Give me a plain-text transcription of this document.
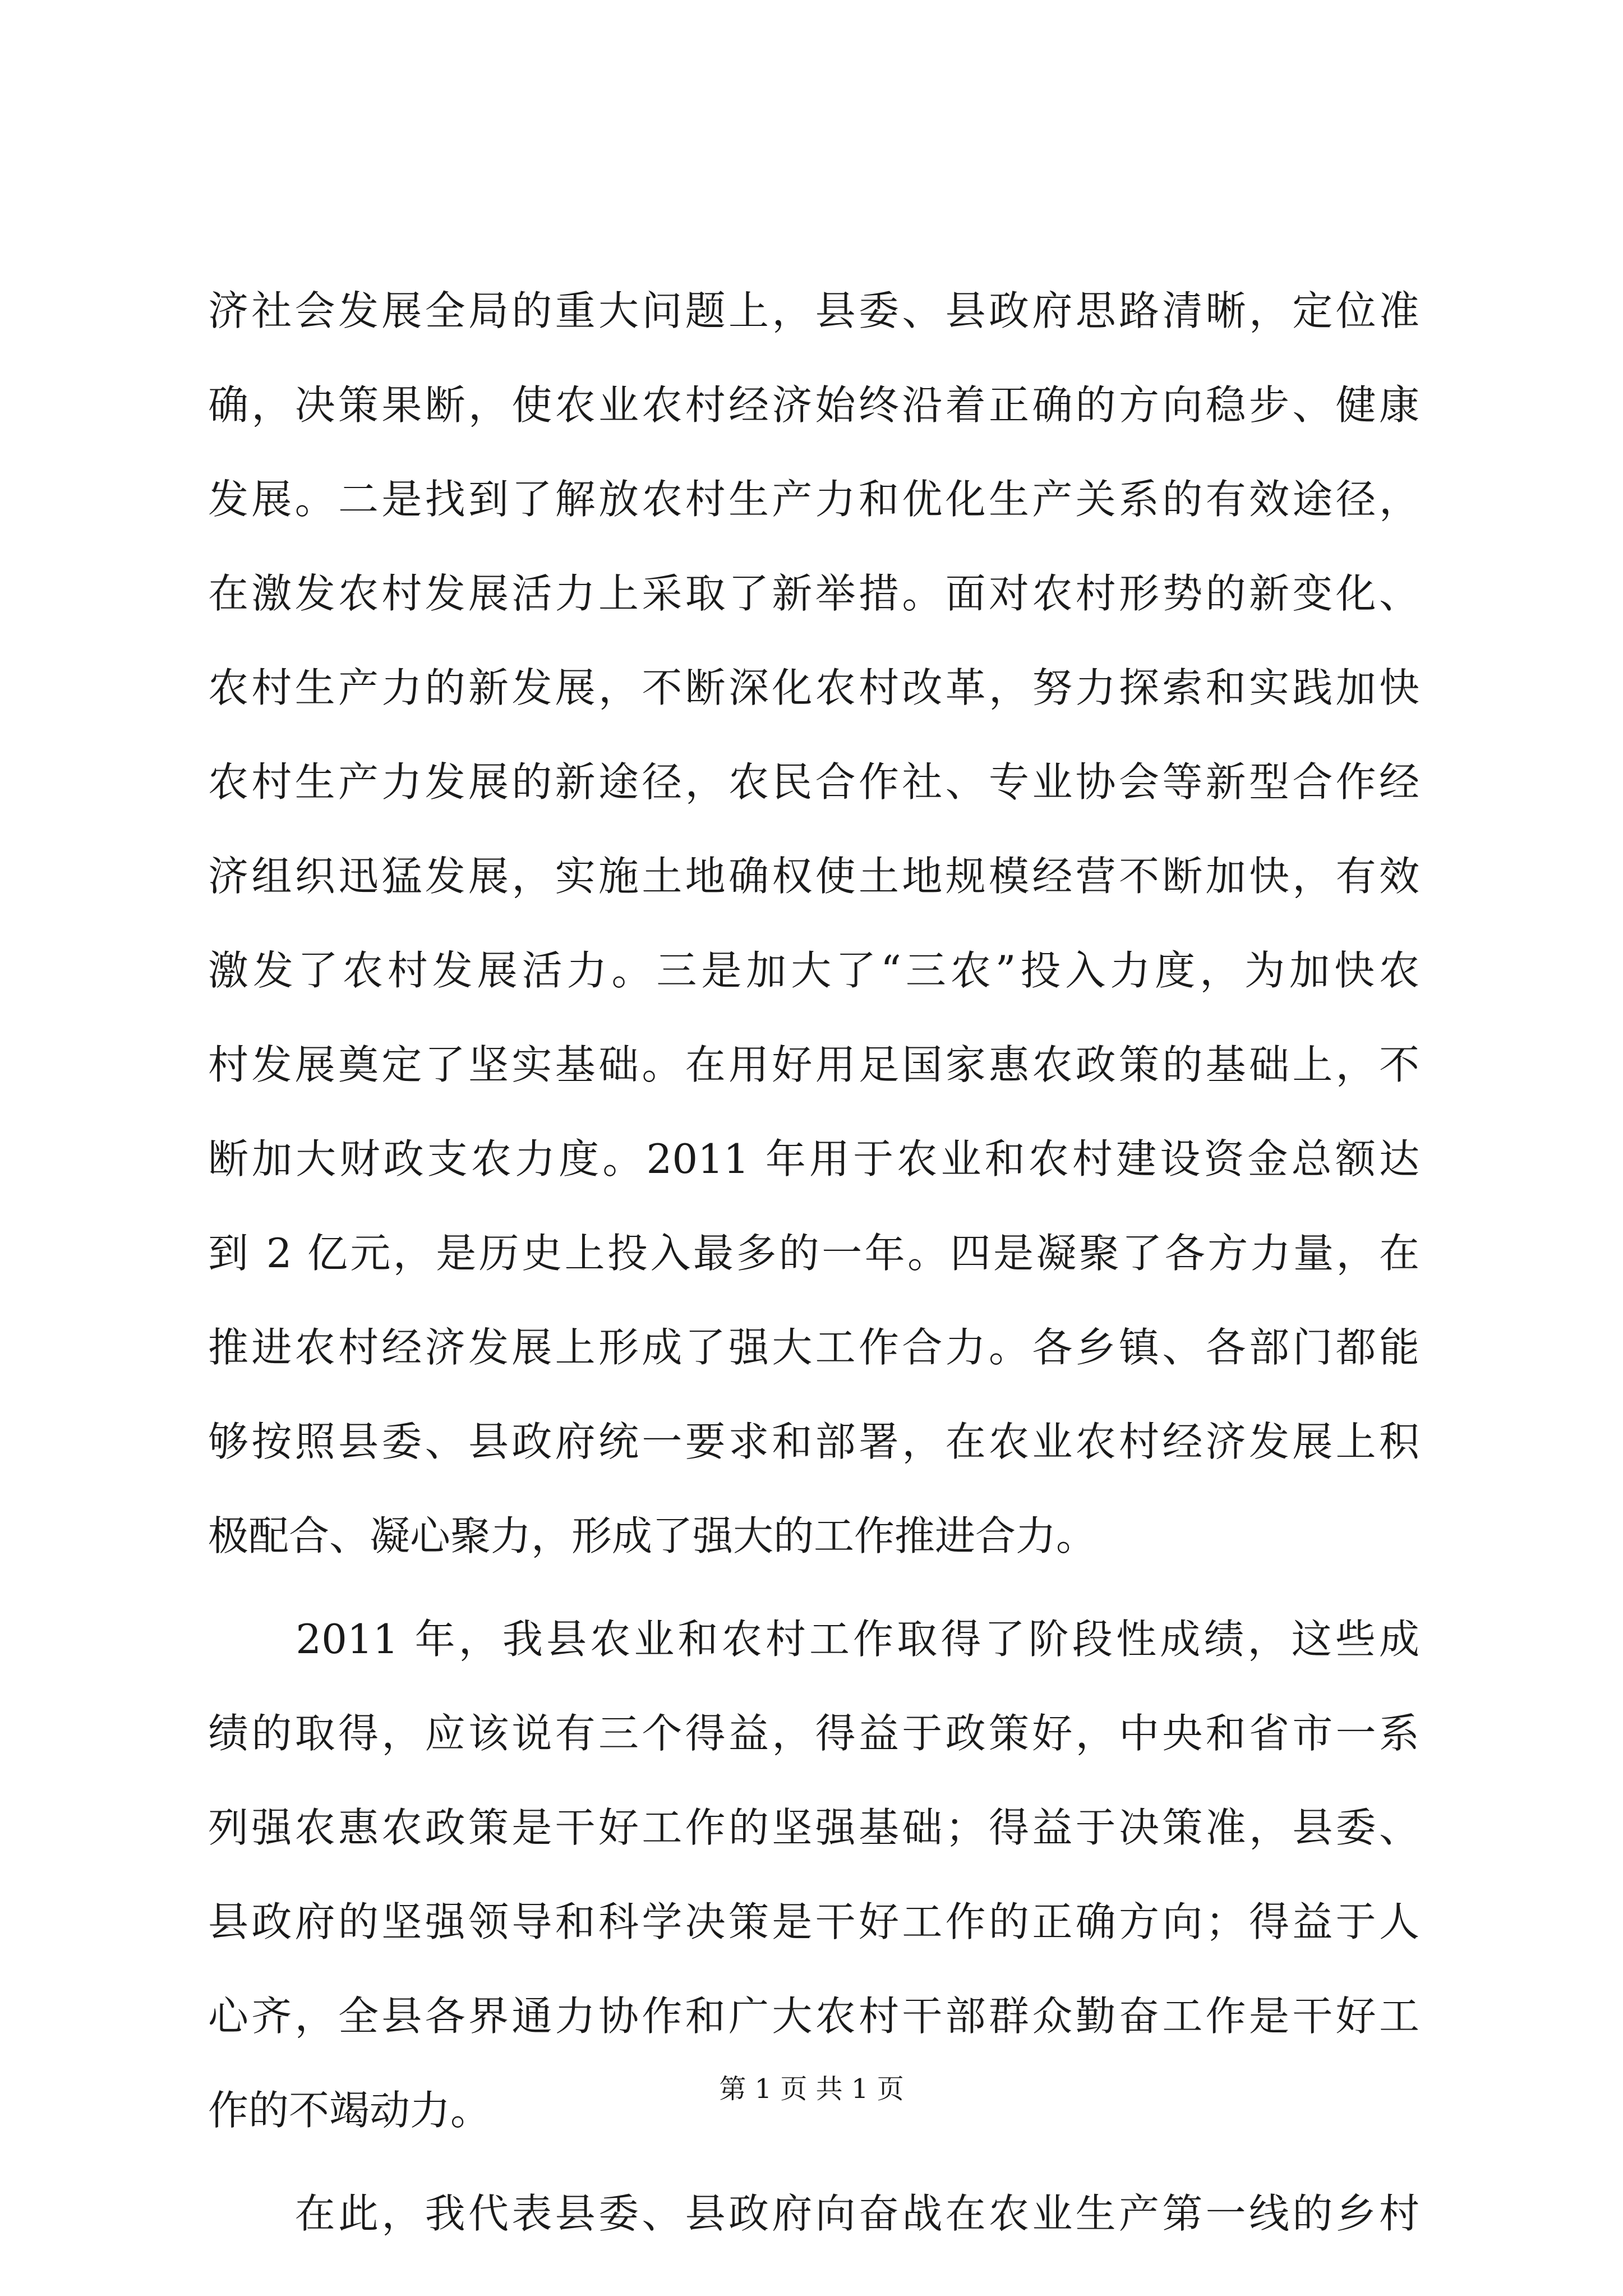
济社会发展全局的重大问题上，县委、县政府思路清晰，定位准
确，决策果断，使农业农村经济始终沿着正确的方向稳步、健康
发展。二是找到了解放农村生产力和优化生产关系的有效途径，
在激发农村发展活力上采取了新举措。面对农村形势的新变化、
农村生产力的新发展，不断深化农村改革，努力探索和实践加快
农村生产力发展的新途径，农民合作社、专业协会等新型合作经
济组织迅猛发展，实施土地确权使土地规模经营不断加快，有效
激发了农村发展活力。三是加大了“三农”投入力度，为加快农
村发展奠定了坚实基础。在用好用足国家惠农政策的基础上，不
断加大财政支农力度。2011 年用于农业和农村建设资金总额达
到 2 亿元，是历史上投入最多的一年。四是凝聚了各方力量，在
推进农村经济发展上形成了强大工作合力。各乡镇、各部门都能
够按照县委、县政府统一要求和部署，在农业农村经济发展上积
极配合、凝心聚力，形成了强大的工作推进合力。
　　2011 年，我县农业和农村工作取得了阶段性成绩，这些成
绩的取得，应该说有三个得益，得益于政策好，中央和省市一系
列强农惠农政策是干好工作的坚强基础；得益于决策准，县委、
县政府的坚强领导和科学决策是干好工作的正确方向；得益于人
心齐，全县各界通力协作和广大农村干部群众勤奋工作是干好工
作的不竭动力。
　　在此，我代表县委、县政府向奋战在农业生产第一线的乡村
第 1 页 共 1 页
